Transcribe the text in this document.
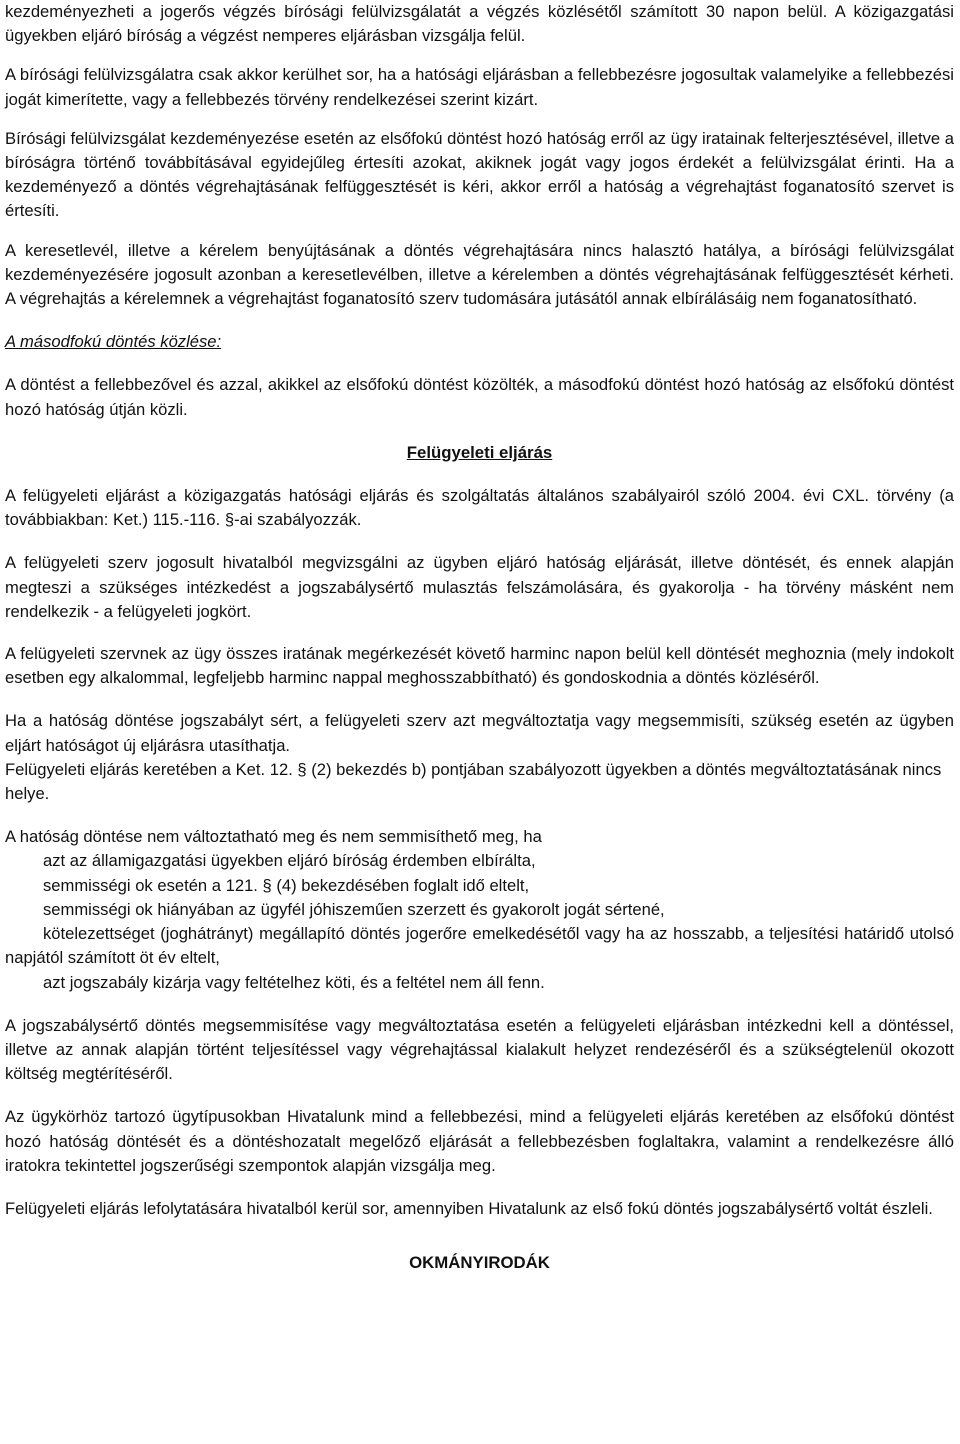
kezdeményezheti a jogerős végzés bírósági felülvizsgálatát a végzés közlésétől számított 30 napon belül. A közigazgatási ügyekben eljáró bíróság a végzést nemperes eljárásban vizsgálja felül.

A bírósági felülvizsgálatra csak akkor kerülhet sor, ha a hatósági eljárásban a fellebbezésre jogosultak valamelyike a fellebbezési jogát kimerítette, vagy a fellebbezés törvény rendelkezései szerint kizárt.

Bírósági felülvizsgálat kezdeményezése esetén az elsőfokú döntést hozó hatóság erről az ügy iratainak felterjesztésével, illetve a bíróságra történő továbbításával egyidejűleg értesíti azokat, akiknek jogát vagy jogos érdekét a felülvizsgálat érinti. Ha a kezdeményező a döntés végrehajtásának felfüggesztését is kéri, akkor erről a hatóság a végrehajtást foganatosító szervet is értesíti.

A keresetlevél, illetve a kérelem benyújtásának a döntés végrehajtására nincs halasztó hatálya, a bírósági felülvizsgálat kezdeményezésére jogosult azonban a keresetlevélben, illetve a kérelemben a döntés végrehajtásának felfüggesztését kérheti. A végrehajtás a kérelemnek a végrehajtást foganatosító szerv tudomására jutásától annak elbírálásáig nem foganatosítható.

A másodfokú döntés közlése:

A döntést a fellebbezővel és azzal, akikkel az elsőfokú döntést közölték, a másodfokú döntést hozó hatóság az elsőfokú döntést hozó hatóság útján közli.

Felügyeleti eljárás

A felügyeleti eljárást a közigazgatás hatósági eljárás és szolgáltatás általános szabályairól szóló 2004. évi CXL. törvény (a továbbiakban: Ket.) 115.-116. §-ai szabályozzák.

A felügyeleti szerv jogosult hivatalból megvizsgálni az ügyben eljáró hatóság eljárását, illetve döntését, és ennek alapján megteszi a szükséges intézkedést a jogszabálysértő mulasztás felszámolására, és gyakorolja - ha törvény másként nem rendelkezik - a felügyeleti jogkört.

A felügyeleti szervnek az ügy összes iratának megérkezését követő harminc napon belül kell döntését meghoznia (mely indokolt esetben egy alkalommal, legfeljebb harminc nappal meghosszabbítható) és gondoskodnia a döntés közléséről.

Ha a hatóság döntése jogszabályt sért, a felügyeleti szerv azt megváltoztatja vagy megsemmisíti, szükség esetén az ügyben eljárt hatóságot új eljárásra utasíthatja.

Felügyeleti eljárás keretében a Ket. 12. § (2) bekezdés b) pontjában szabályozott ügyekben a döntés megváltoztatásának nincs helye.

A hatóság döntése nem változtatható meg és nem semmisíthető meg, ha

azt az államigazgatási ügyekben eljáró bíróság érdemben elbírálta,

semmisségi ok esetén a 121. § (4) bekezdésében foglalt idő eltelt,

semmisségi ok hiányában az ügyfél jóhiszeműen szerzett és gyakorolt jogát sértené,

kötelezettséget (joghátrányt) megállapító döntés jogerőre emelkedésétől vagy ha az hosszabb, a teljesítési határidő utolsó napjától számított öt év eltelt,

azt jogszabály kizárja vagy feltételhez köti, és a feltétel nem áll fenn.

A jogszabálysértő döntés megsemmisítése vagy megváltoztatása esetén a felügyeleti eljárásban intézkedni kell a döntéssel, illetve az annak alapján történt teljesítéssel vagy végrehajtással kialakult helyzet rendezéséről és a szükségtelenül okozott költség megtérítéséről.

Az ügykörhöz tartozó ügytípusokban Hivatalunk mind a fellebbezési, mind a felügyeleti eljárás keretében az elsőfokú döntést hozó hatóság döntését és a döntéshozatalt megelőző eljárását a fellebbezésben foglaltakra, valamint a rendelkezésre álló iratokra tekintettel jogszerűségi szempontok alapján vizsgálja meg.

Felügyeleti eljárás lefolytatására hivatalból kerül sor, amennyiben Hivatalunk az első fokú döntés jogszabálysértő voltát észleli.

OKMÁNYIRODÁK
